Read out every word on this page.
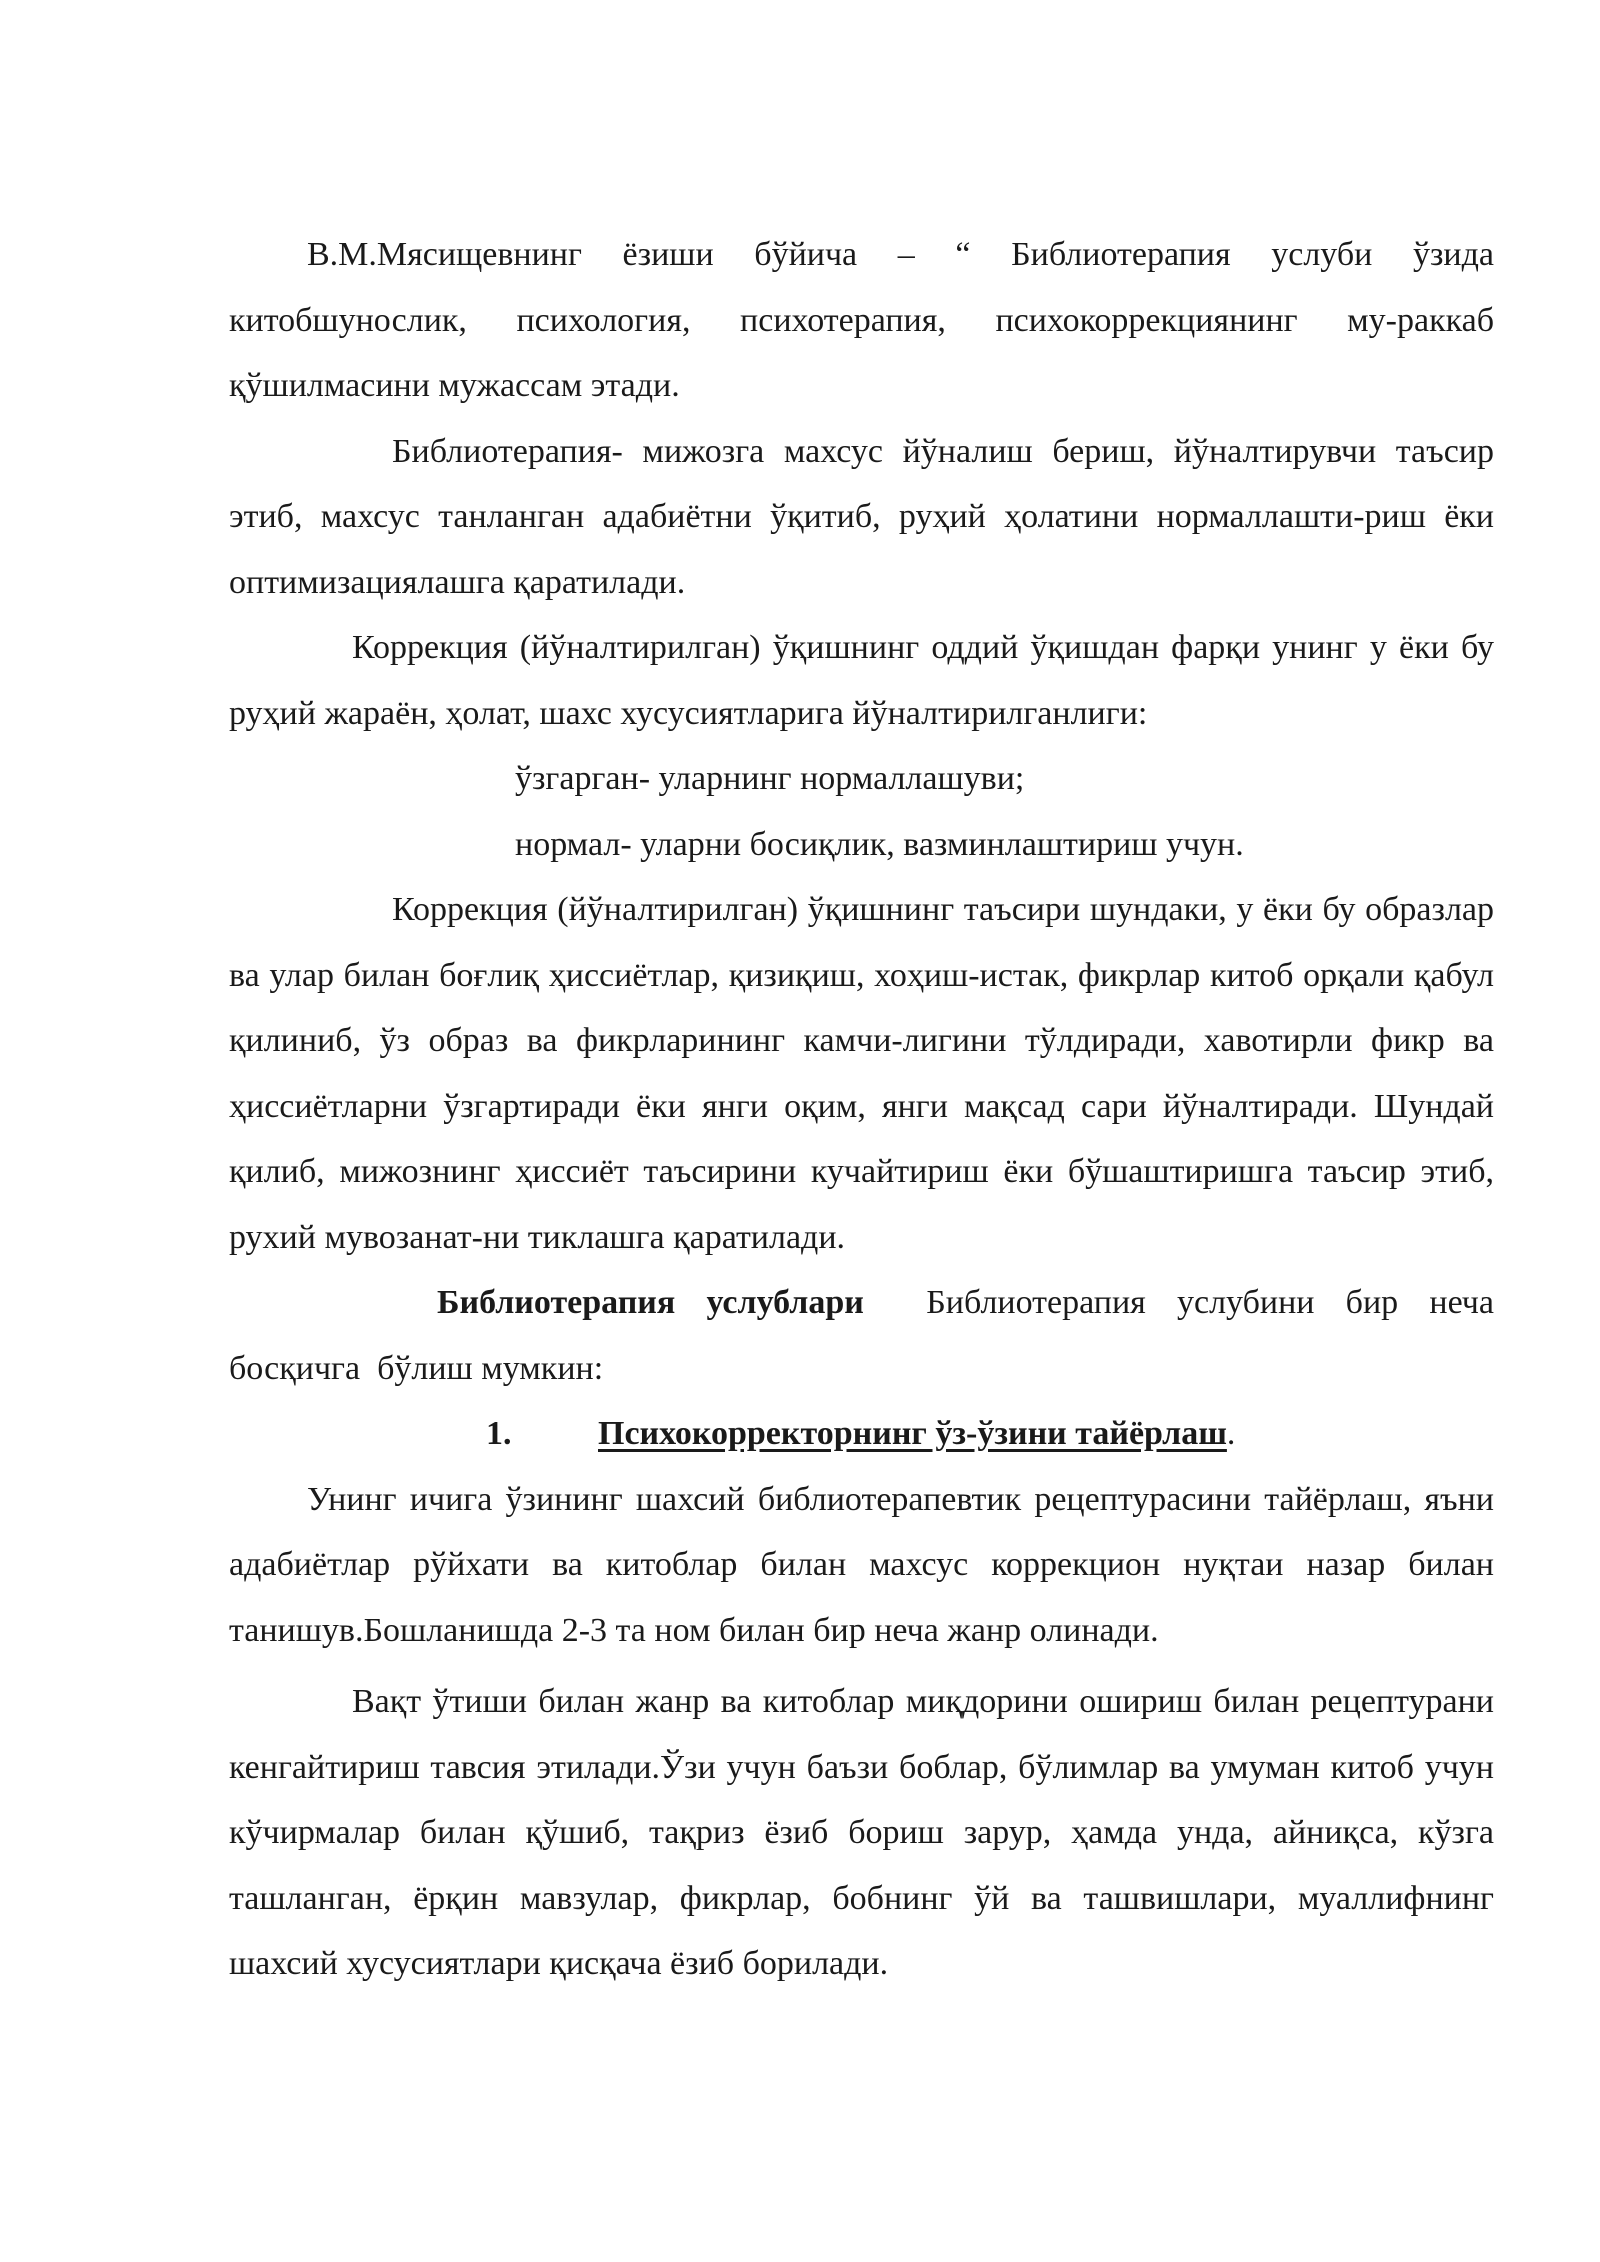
В.М.Мясищевнинг ёзиши бўйича – “ Библиотерапия услуби ўзида китобшунослик, психология, психотерапия, психокоррекциянинг му-раккаб қўшилмасини мужассам этади.

Библиотерапия- мижозга махсус йўналиш бериш, йўналтирувчи таъсир этиб, махсус танланган адабиётни ўқитиб, руҳий ҳолатини нормаллашти-риш ёки оптимизациялашга қаратилади.

Коррекция (йўналтирилган) ўқишнинг оддий ўқишдан фарқи унинг у ёки бу руҳий жараён, ҳолат, шахс хусусиятларига йўналтирилганлиги:

ўзгарган- уларнинг нормаллашуви;

нормал- уларни босиқлик, вазминлаштириш учун.

Коррекция (йўналтирилган) ўқишнинг таъсири шундаки, у ёки бу образлар ва улар билан боғлиқ ҳиссиётлар, қизиқиш, хоҳиш-истак, фикрлар китоб орқали қабул қилиниб, ўз образ ва фикрларининг камчи-лигини тўлдиради, хавотирли фикр ва ҳиссиётларни ўзгартиради ёки янги оқим, янги мақсад сари йўналтиради. Шундай қилиб, мижознинг ҳиссиёт таъсирини кучайтириш ёки бўшаштиришга таъсир этиб, рухий мувозанат-ни тиклашга қаратилади.

Библиотерапия услублари  Библиотерапия услубини бир неча босқичга  бўлиш мумкин:

1.	Психокорректорнинг ўз-ўзини тайёрлаш.

Унинг ичига ўзининг шахсий библиотерапевтик рецептурасини тайёрлаш, яъни адабиётлар рўйхати ва китоблар билан махсус коррекцион нуқтаи назар билан танишув.Бошланишда 2-3 та ном билан бир неча жанр олинади.

Вақт ўтиши билан жанр ва китоблар миқдорини ошириш билан рецептурани кенгайтириш тавсия этилади.Ўзи учун баъзи боблар, бўлимлар ва умуман китоб учун кўчирмалар билан қўшиб, тақриз ёзиб бориш зарур, ҳамда унда, айниқса, кўзга ташланган, ёрқин мавзулар, фикрлар, бобнинг ўй ва ташвишлари, муаллифнинг шахсий хусусиятлари қисқача ёзиб борилади.
